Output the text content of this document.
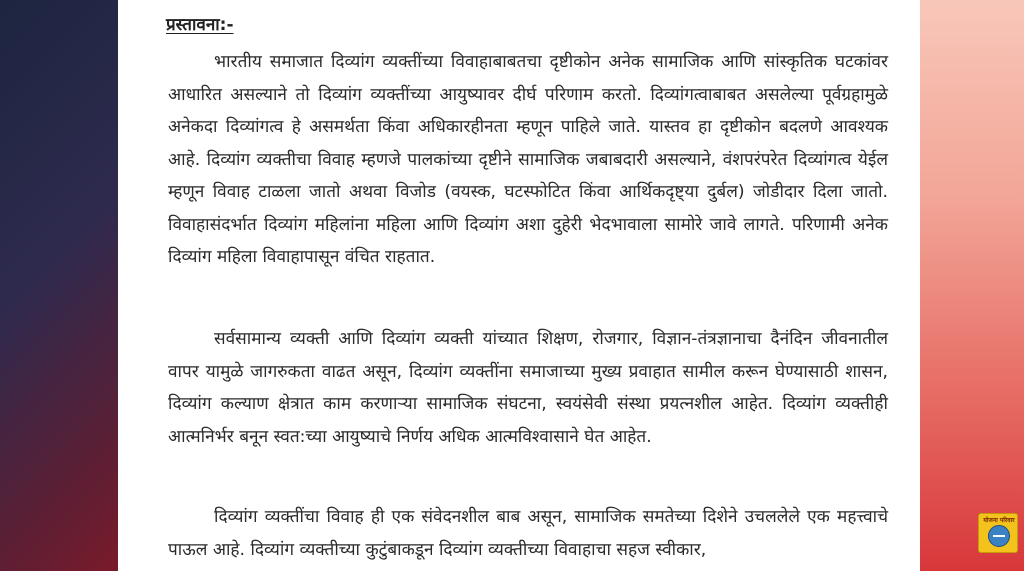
प्रस्तावना:-

भारतीय समाजात दिव्यांग व्यक्तींच्या विवाहाबाबतचा दृष्टीकोन अनेक सामाजिक आणि सांस्कृतिक घटकांवर आधारित असल्याने तो दिव्यांग व्यक्तींच्या आयुष्यावर दीर्घ परिणाम करतो. दिव्यांगत्वाबाबत असलेल्या पूर्वग्रहामुळे अनेकदा दिव्यांगत्व हे असमर्थता किंवा अधिकारहीनता म्हणून पाहिले जाते. यास्तव हा दृष्टीकोन बदलणे आवश्यक आहे. दिव्यांग व्यक्तीचा विवाह म्हणजे पालकांच्या दृष्टीने सामाजिक जबाबदारी असल्याने, वंशपरंपरेत दिव्यांगत्व येईल म्हणून विवाह टाळला जातो अथवा विजोड (वयस्क, घटस्फोटित किंवा आर्थिकदृष्ट्या दुर्बल) जोडीदार दिला जातो. विवाहासंदर्भात दिव्यांग महिलांना महिला आणि दिव्यांग अशा दुहेरी भेदभावाला सामोरे जावे लागते. परिणामी अनेक दिव्यांग महिला विवाहापासून वंचित राहतात.

सर्वसामान्य व्यक्ती आणि दिव्यांग व्यक्ती यांच्यात शिक्षण, रोजगार, विज्ञान-तंत्रज्ञानाचा दैनंदिन जीवनातील वापर यामुळे जागरुकता वाढत असून, दिव्यांग व्यक्तींना समाजाच्या मुख्य प्रवाहात सामील करून घेण्यासाठी शासन, दिव्यांग कल्याण क्षेत्रात काम करणाऱ्या सामाजिक संघटना, स्वयंसेवी संस्था प्रयत्नशील आहेत. दिव्यांग व्यक्तीही आत्मनिर्भर बनून स्वत:च्या आयुष्याचे निर्णय अधिक आत्मविश्वासाने घेत आहेत.

दिव्यांग व्यक्तींचा विवाह ही एक संवेदनशील बाब असून, सामाजिक समतेच्या दिशेने उचललेले एक महत्त्वाचे पाऊल आहे. दिव्यांग व्यक्तीच्या कुटुंबाकडून दिव्यांग व्यक्तीच्या विवाहाचा सहज स्वीकार,

योजना परिवार
